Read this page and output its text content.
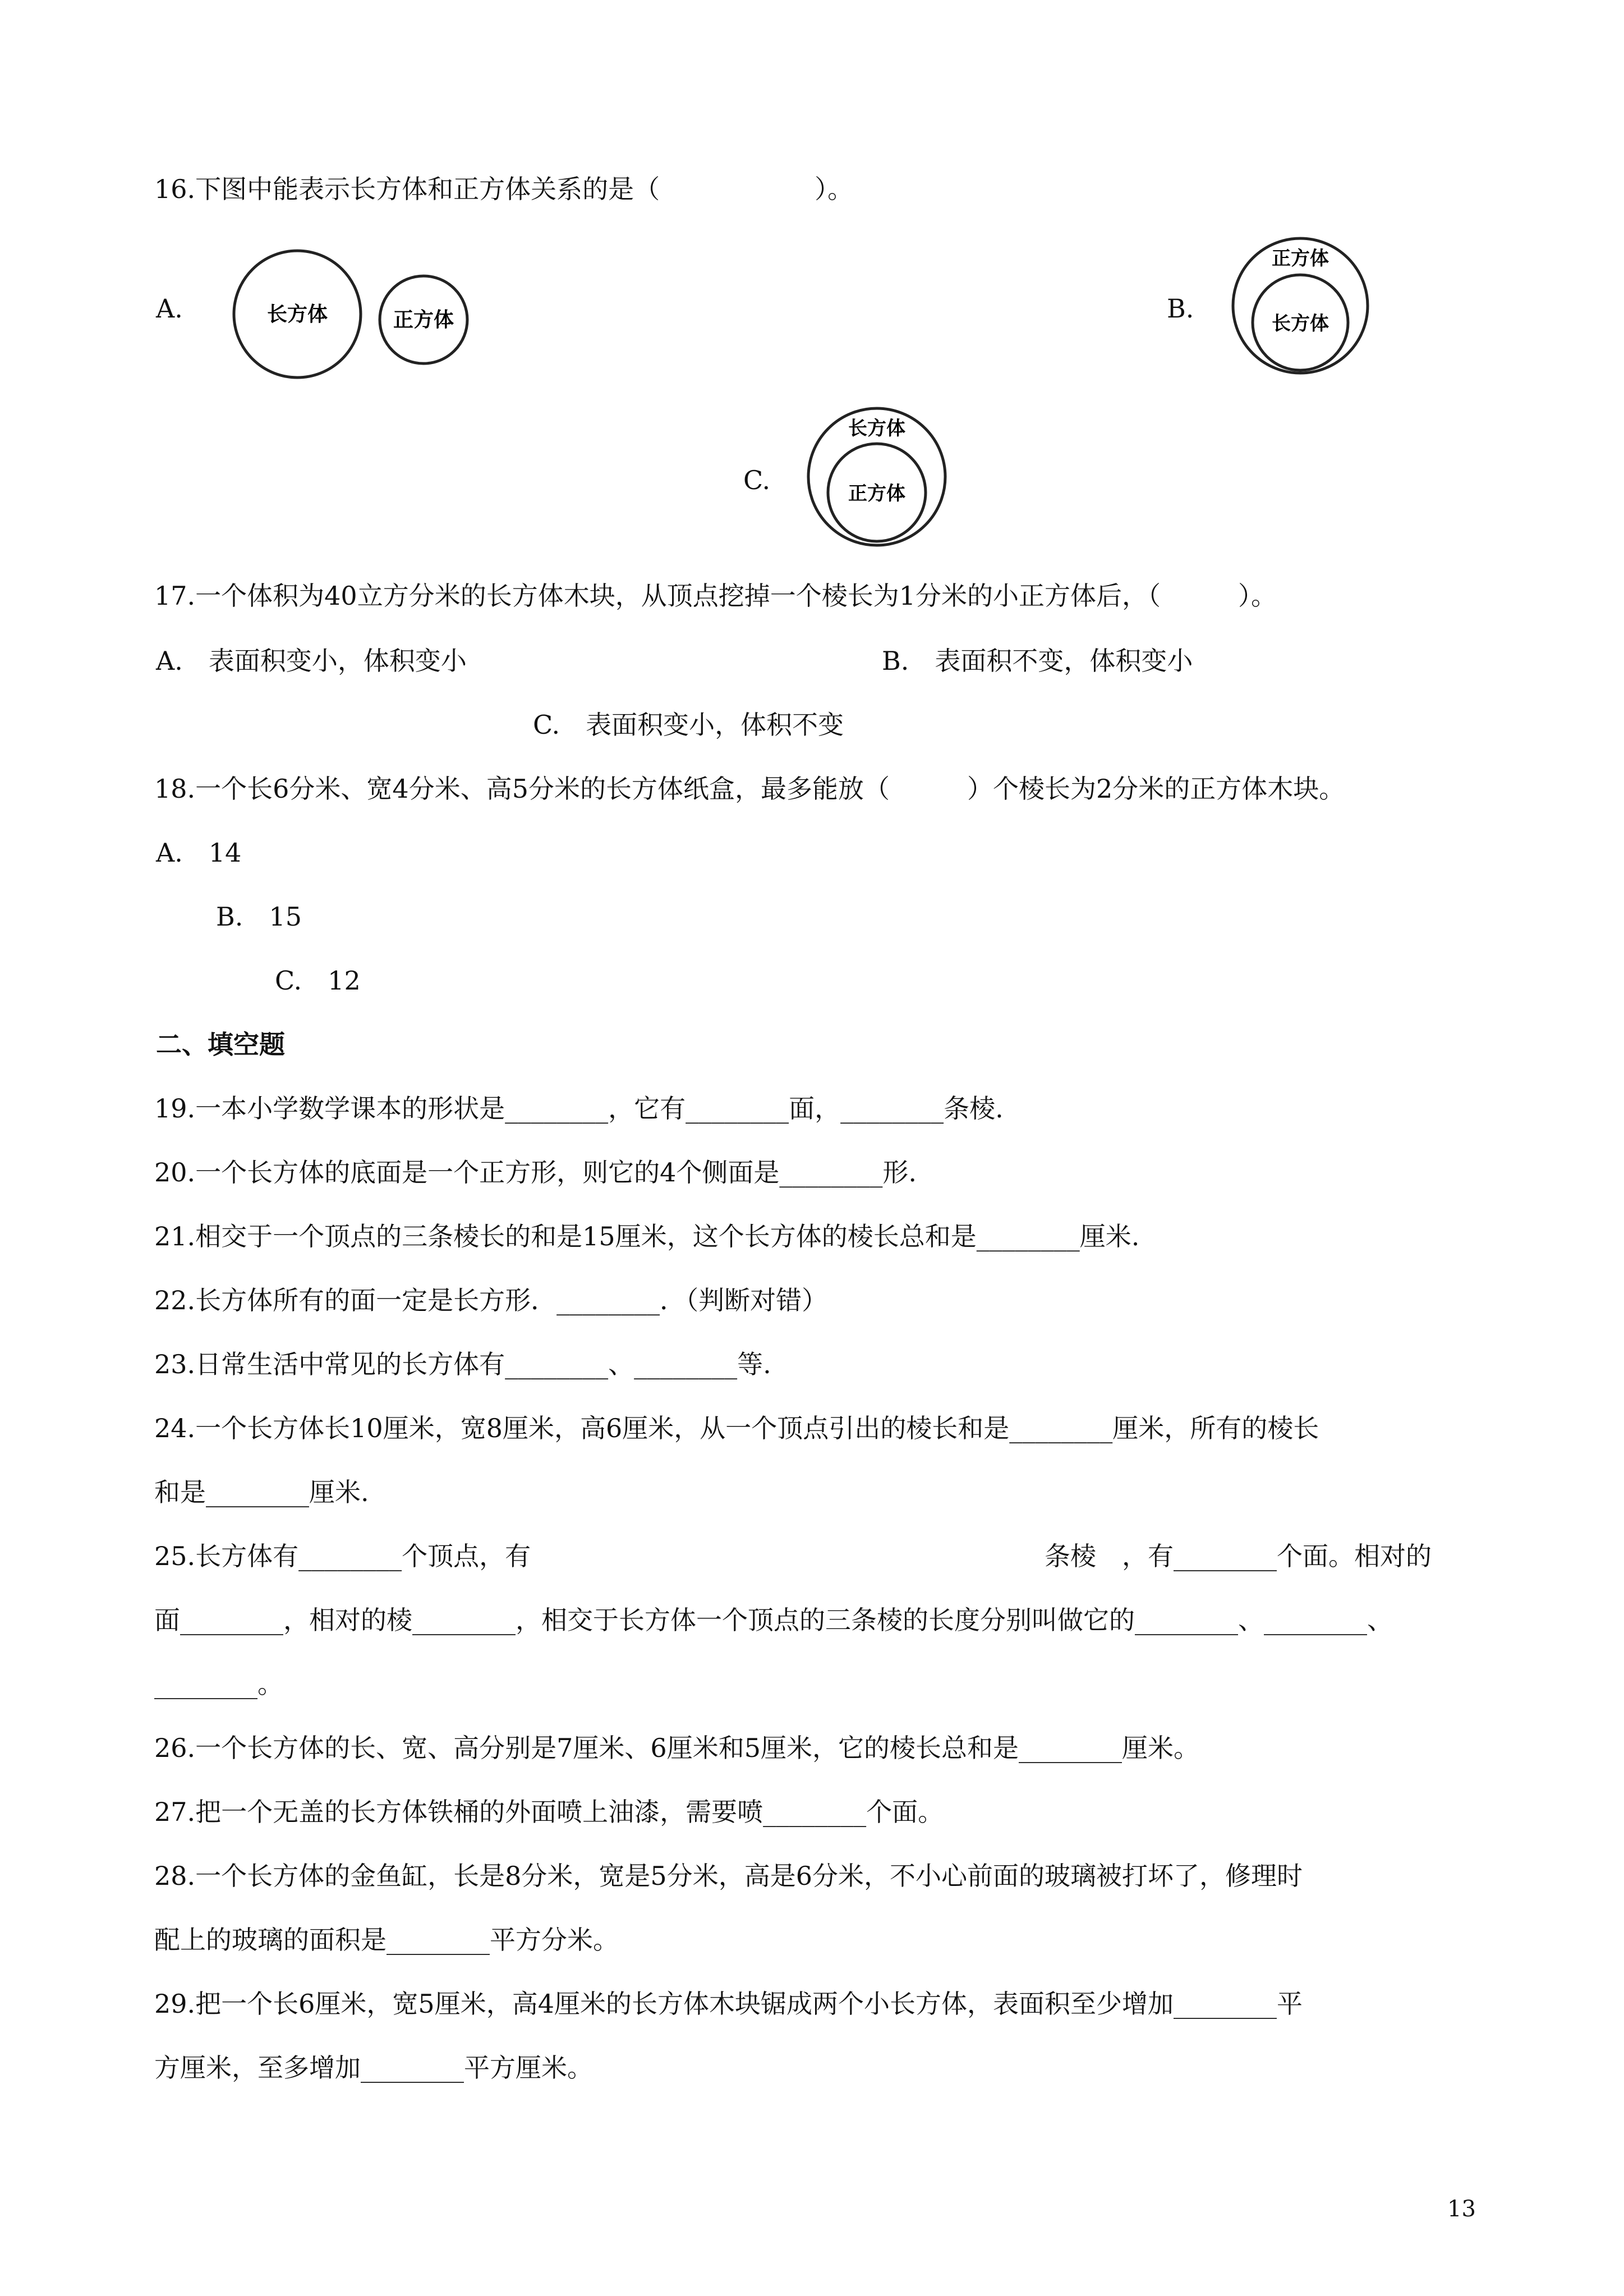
16.下图中能表示长方体和正方体关系的是（　　　　　　）。
A.	长方体	正方体	B.
正方体
长方体
C.
长方体
正方体
17.一个体积为40立方分米的长方体木块，从顶点挖掉一个棱长为1分米的小正方体后，（　　　）。
A.　表面积变小，体积变小	B.　表面积不变，体积变小
C.　表面积变小，体积不变
18.一个长6分米、宽4分米、高5分米的长方体纸盒，最多能放（　　　）个棱长为2分米的正方体木块。
A.　14
B.　15
C.　12
二、填空题
19.一本小学数学课本的形状是________，它有________面，________条棱.
20.一个长方体的底面是一个正方形，则它的4个侧面是________形.
21.相交于一个顶点的三条棱长的和是15厘米，这个长方体的棱长总和是________厘米.
22.长方体所有的面一定是长方形．________．（判断对错）
23.日常生活中常见的长方体有________、________等.
24.一个长方体长10厘米，宽8厘米，高6厘米，从一个顶点引出的棱长和是________厘米，所有的棱长
和是________厘米.
25.长方体有________个顶点，有	条棱　，有________个面。相对的
面________，相对的棱________，相交于长方体一个顶点的三条棱的长度分别叫做它的________、________、
________。
26.一个长方体的长、宽、高分别是7厘米、6厘米和5厘米，它的棱长总和是________厘米。
27.把一个无盖的长方体铁桶的外面喷上油漆，需要喷________个面。
28.一个长方体的金鱼缸，长是8分米，宽是5分米，高是6分米，不小心前面的玻璃被打坏了，修理时
配上的玻璃的面积是________平方分米。
29.把一个长6厘米，宽5厘米，高4厘米的长方体木块锯成两个小长方体，表面积至少增加________平
方厘米，至多增加________平方厘米。
13
